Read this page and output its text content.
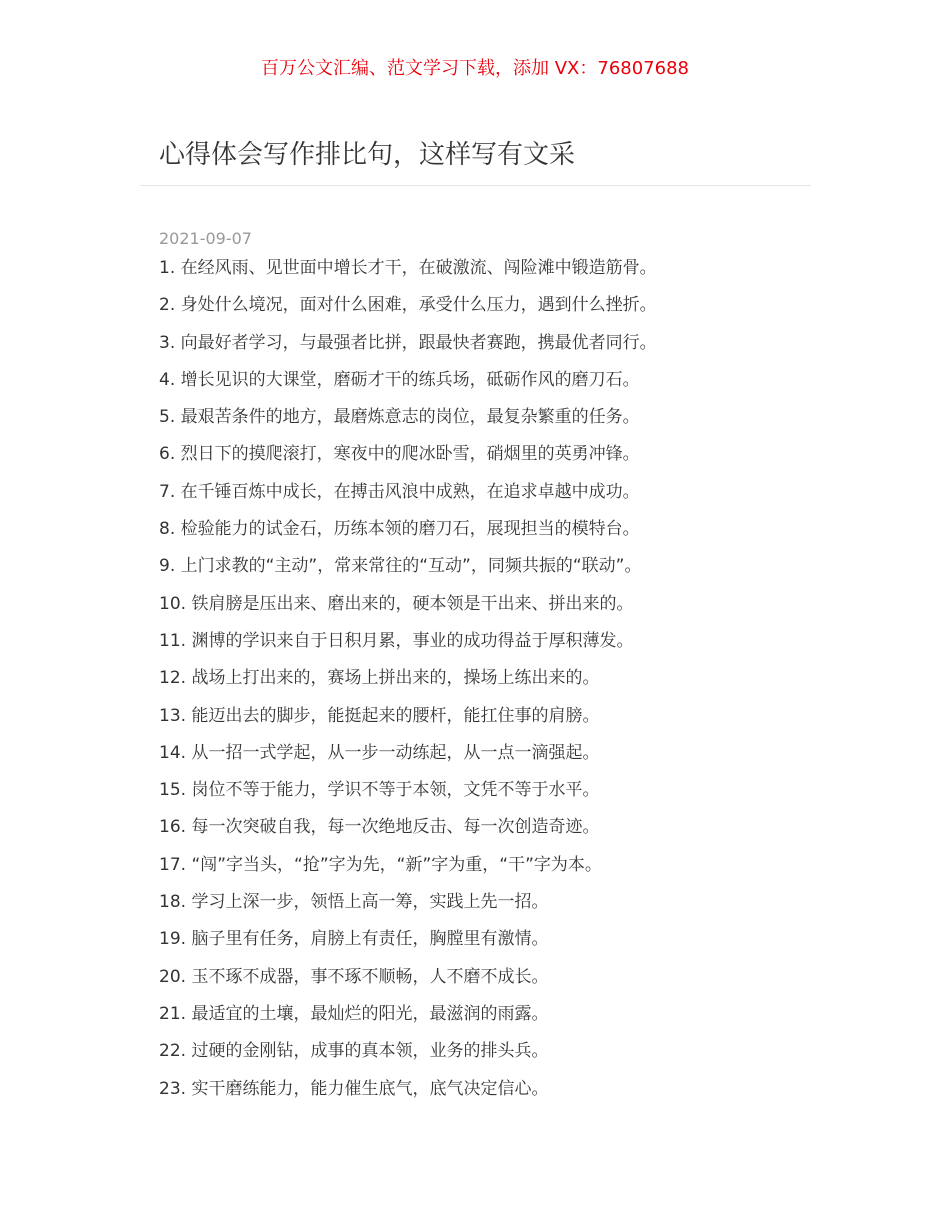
百万公文汇编、范文学习下载，添加 VX：76807688
心得体会写作排比句，这样写有文采
2021-09-07
1. 在经风雨、见世面中增长才干，在破激流、闯险滩中锻造筋骨。
2. 身处什么境况，面对什么困难，承受什么压力，遇到什么挫折。
3. 向最好者学习，与最强者比拼，跟最快者赛跑，携最优者同行。
4. 增长见识的大课堂，磨砺才干的练兵场，砥砺作风的磨刀石。
5. 最艰苦条件的地方，最磨炼意志的岗位，最复杂繁重的任务。
6. 烈日下的摸爬滚打，寒夜中的爬冰卧雪，硝烟里的英勇冲锋。
7. 在千锤百炼中成长，在搏击风浪中成熟，在追求卓越中成功。
8. 检验能力的试金石，历练本领的磨刀石，展现担当的模特台。
9. 上门求教的“主动”，常来常往的“互动”，同频共振的“联动”。
10. 铁肩膀是压出来、磨出来的，硬本领是干出来、拼出来的。
11. 渊博的学识来自于日积月累，事业的成功得益于厚积薄发。
12. 战场上打出来的，赛场上拼出来的，操场上练出来的。
13. 能迈出去的脚步，能挺起来的腰杆，能扛住事的肩膀。
14. 从一招一式学起，从一步一动练起，从一点一滴强起。
15. 岗位不等于能力，学识不等于本领，文凭不等于水平。
16. 每一次突破自我，每一次绝地反击、每一次创造奇迹。
17. “闯”字当头，“抢”字为先，“新”字为重，“干”字为本。
18. 学习上深一步，领悟上高一筹，实践上先一招。
19. 脑子里有任务，肩膀上有责任，胸膛里有激情。
20. 玉不琢不成器，事不琢不顺畅，人不磨不成长。
21. 最适宜的土壤，最灿烂的阳光，最滋润的雨露。
22. 过硬的金刚钻，成事的真本领，业务的排头兵。
23. 实干磨练能力，能力催生底气，底气决定信心。
